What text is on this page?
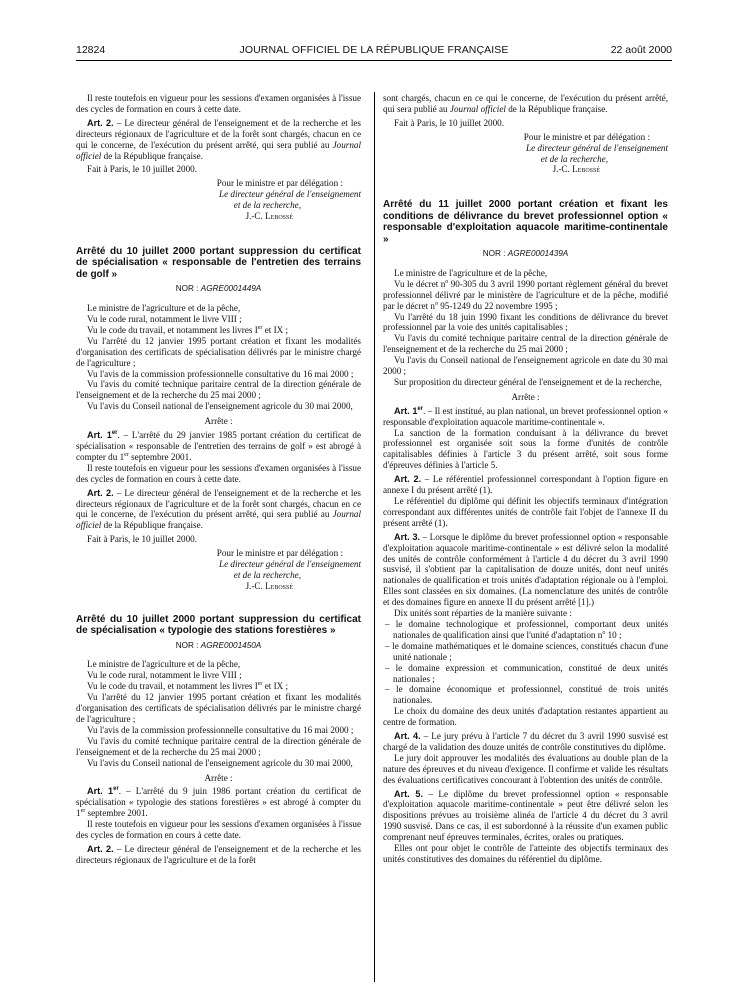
12824	JOURNAL OFFICIEL DE LA RÉPUBLIQUE FRANÇAISE	22 août 2000

Il reste toutefois en vigueur pour les sessions d'examen organisées à l'issue des cycles de formation en cours à cette date.

Art. 2. – Le directeur général de l'enseignement et de la recherche et les directeurs régionaux de l'agriculture et de la forêt sont chargés, chacun en ce qui le concerne, de l'exécution du présent arrêté, qui sera publié au Journal officiel de la République française.

Fait à Paris, le 10 juillet 2000.

Pour le ministre et par délégation :

Le directeur général de l'enseignement

et de la recherche,

J.-C. Lebossé

Arrêté du 10 juillet 2000 portant suppression du certificat de spécialisation « responsable de l'entretien des terrains de golf »
NOR : AGRE0001449A

Le ministre de l'agriculture et de la pêche,

Vu le code rural, notamment le livre VIII ;

Vu le code du travail, et notamment les livres Ier et IX ;

Vu l'arrêté du 12 janvier 1995 portant création et fixant les modalités d'organisation des certificats de spécialisation délivrés par le ministre chargé de l'agriculture ;

Vu l'avis de la commission professionnelle consultative du 16 mai 2000 ;

Vu l'avis du comité technique paritaire central de la direction générale de l'enseignement et de la recherche du 25 mai 2000 ;

Vu l'avis du Conseil national de l'enseignement agricole du 30 mai 2000,

Arrête :

Art. 1er. – L'arrêté du 29 janvier 1985 portant création du certificat de spécialisation « responsable de l'entretien des terrains de golf » est abrogé à compter du 1er septembre 2001.

Il reste toutefois en vigueur pour les sessions d'examen organisées à l'issue des cycles de formation en cours à cette date.

Art. 2. – Le directeur général de l'enseignement et de la recherche et les directeurs régionaux de l'agriculture et de la forêt sont chargés, chacun en ce qui le concerne, de l'exécution du présent arrêté, qui sera publié au Journal officiel de la République française.

Fait à Paris, le 10 juillet 2000.

Pour le ministre et par délégation :

Le directeur général de l'enseignement

et de la recherche,

J.-C. Lebossé

Arrêté du 10 juillet 2000 portant suppression du certificat de spécialisation « typologie des stations forestières »
NOR : AGRE0001450A

Le ministre de l'agriculture et de la pêche,

Vu le code rural, notamment le livre VIII ;

Vu le code du travail, et notamment les livres Ier et IX ;

Vu l'arrêté du 12 janvier 1995 portant création et fixant les modalités d'organisation des certificats de spécialisation délivrés par le ministre chargé de l'agriculture ;

Vu l'avis de la commission professionnelle consultative du 16 mai 2000 ;

Vu l'avis du comité technique paritaire central de la direction générale de l'enseignement et de la recherche du 25 mai 2000 ;

Vu l'avis du Conseil national de l'enseignement agricole du 30 mai 2000,

Arrête :

Art. 1er. – L'arrêté du 9 juin 1986 portant création du certificat de spécialisation « typologie des stations forestières » est abrogé à compter du 1er septembre 2001.

Il reste toutefois en vigueur pour les sessions d'examen organisées à l'issue des cycles de formation en cours à cette date.

Art. 2. – Le directeur général de l'enseignement et de la recherche et les directeurs régionaux de l'agriculture et de la forêt

sont chargés, chacun en ce qui le concerne, de l'exécution du présent arrêté, qui sera publié au Journal officiel de la République française.

Fait à Paris, le 10 juillet 2000.

Pour le ministre et par délégation :

Le directeur général de l'enseignement

et de la recherche,

J.-C. Lebossé

Arrêté du 11 juillet 2000 portant création et fixant les conditions de délivrance du brevet professionnel option « responsable d'exploitation aquacole maritime-continentale »
NOR : AGRE0001439A

Le ministre de l'agriculture et de la pêche,

Vu le décret $n^o$ 90-305 du 3 avril 1990 portant règlement général du brevet professionnel délivré par le ministère de l'agriculture et de la pêche, modifié par le décret $n^o$ 95-1249 du 22 novembre 1995 ;

Vu l'arrêté du 18 juin 1990 fixant les conditions de délivrance du brevet professionnel par la voie des unités capitalisables ;

Vu l'avis du comité technique paritaire central de la direction générale de l'enseignement et de la recherche du 25 mai 2000 ;

Vu l'avis du Conseil national de l'enseignement agricole en date du 30 mai 2000 ;

Sur proposition du directeur général de l'enseignement et de la recherche,

Arrête :

Art. 1er. – Il est institué, au plan national, un brevet professionnel option « responsable d'exploitation aquacole maritime-continentale ».

La sanction de la formation conduisant à la délivrance du brevet professionnel est organisée soit sous la forme d'unités de contrôle capitalisables définies à l'article 3 du présent arrêté, soit sous forme d'épreuves définies à l'article 5.

Art. 2. – Le référentiel professionnel correspondant à l'option figure en annexe I du présent arrêté (1).

Le référentiel du diplôme qui définit les objectifs terminaux d'intégration correspondant aux différentes unités de contrôle fait l'objet de l'annexe II du présent arrêté (1).

Art. 3. – Lorsque le diplôme du brevet professionnel option « responsable d'exploitation aquacole maritime-continentale » est délivré selon la modalité des unités de contrôle conformément à l'article 4 du décret du 3 avril 1990 susvisé, il s'obtient par la capitalisation de douze unités, dont neuf unités nationales de qualification et trois unités d'adaptation régionale ou à l'emploi. Elles sont classées en six domaines. (La nomenclature des unités de contrôle et des domaines figure en annexe II du présent arrêté [1].)

Dix unités sont réparties de la manière suivante :

– le domaine technologique et professionnel, comportant deux unités nationales de qualification ainsi que l'unité d'adaptation $n^o$ 10 ;

– le domaine mathématiques et le domaine sciences, constitués chacun d'une unité nationale ;

– le domaine expression et communication, constitué de deux unités nationales ;

– le domaine économique et professionnel, constitué de trois unités nationales.

Le choix du domaine des deux unités d'adaptation restantes appartient au centre de formation.

Art. 4. – Le jury prévu à l'article 7 du décret du 3 avril 1990 susvisé est chargé de la validation des douze unités de contrôle constitutives du diplôme.

Le jury doit approuver les modalités des évaluations au double plan de la nature des épreuves et du niveau d'exigence. Il confirme et valide les résultats des évaluations certificatives concourant à l'obtention des unités de contrôle.

Art. 5. – Le diplôme du brevet professionnel option « responsable d'exploitation aquacole maritime-continentale » peut être délivré selon les dispositions prévues au troisième alinéa de l'article 4 du décret du 3 avril 1990 susvisé. Dans ce cas, il est subordonné à la réussite d'un examen public comprenant neuf épreuves terminales, écrites, orales ou pratiques.

Elles ont pour objet le contrôle de l'atteinte des objectifs terminaux des unités constitutives des domaines du référentiel du diplôme.
